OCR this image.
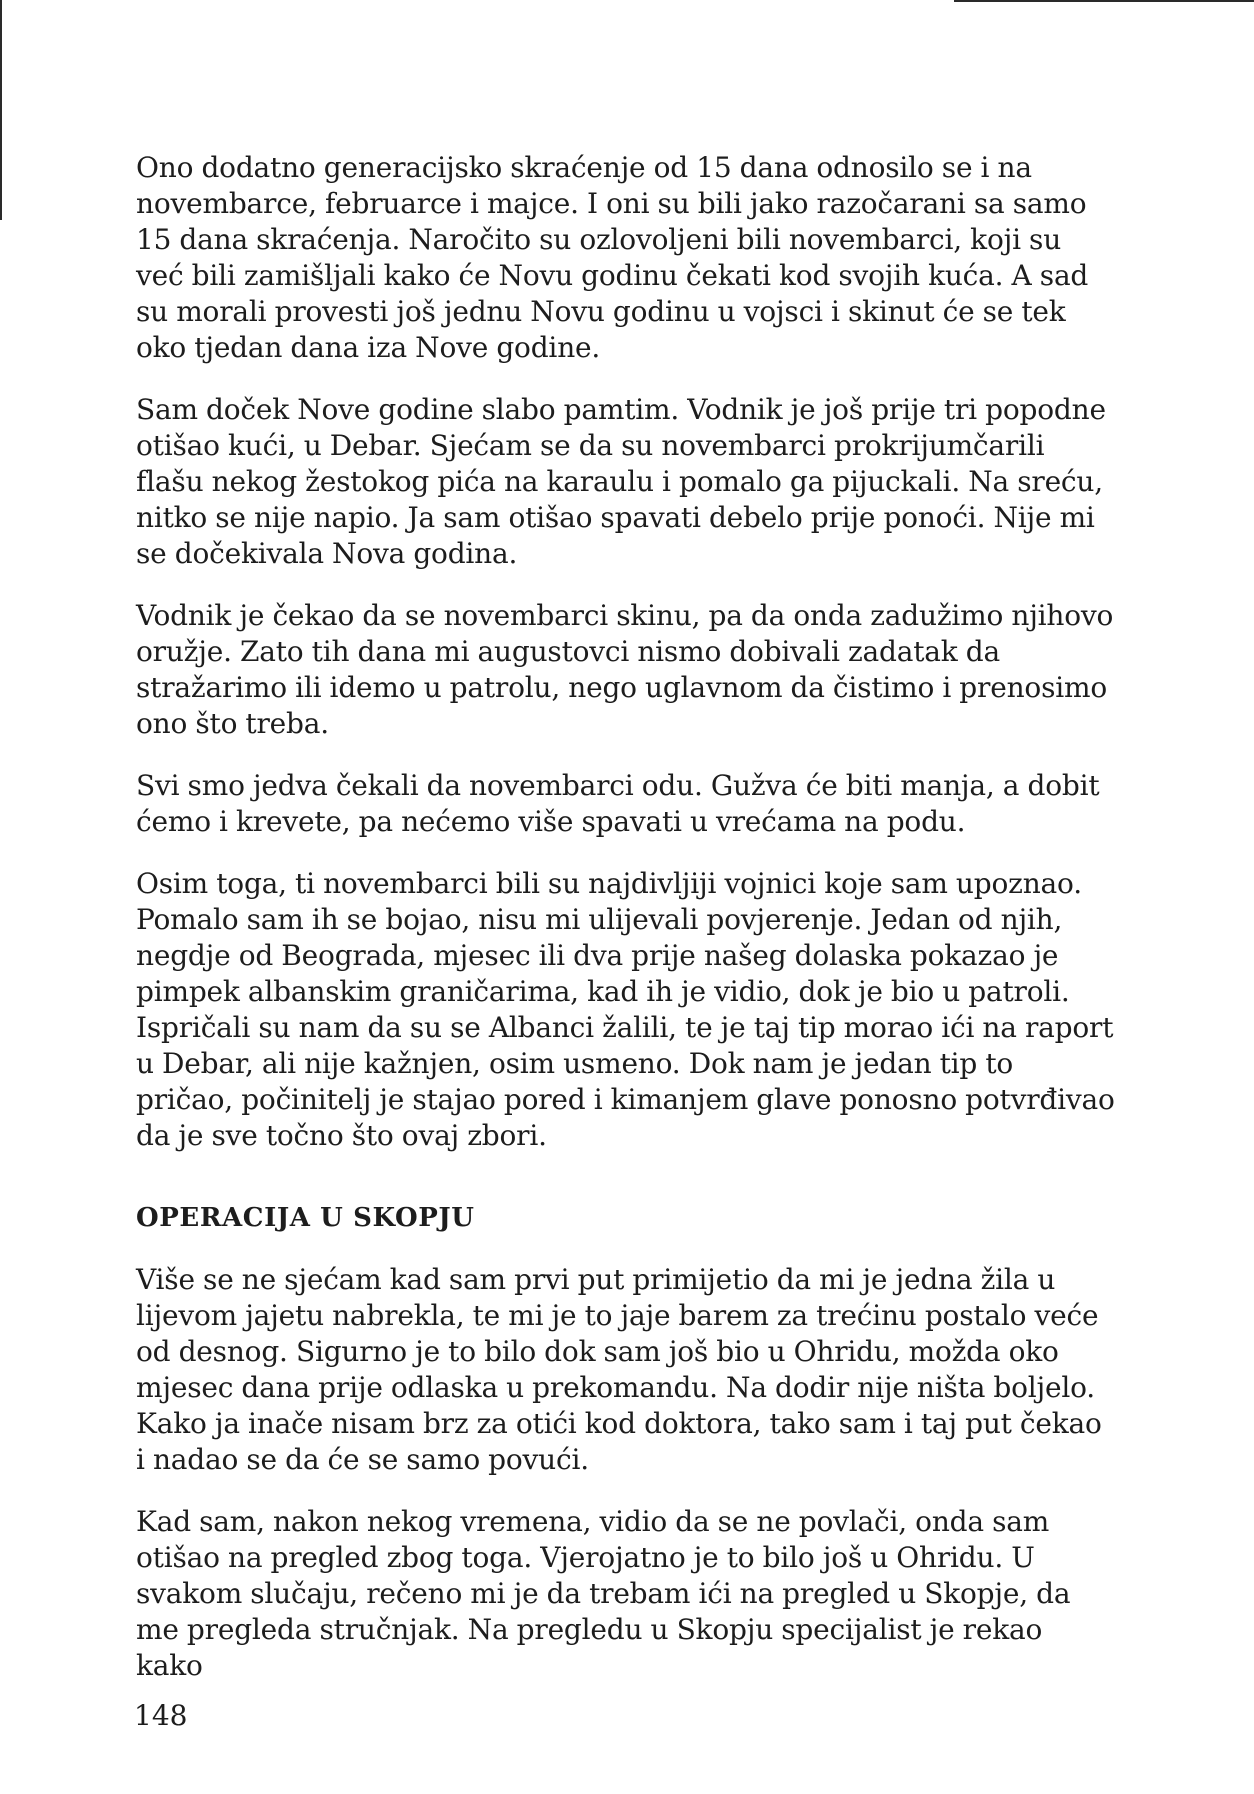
Ono dodatno generacijsko skraćenje od 15 dana odnosilo se i na novembarce, februarce i majce. I oni su bili jako razočarani sa samo 15 dana skraćenja. Naročito su ozlovoljeni bili novembarci, koji su već bili zamišljali kako će Novu godinu čekati kod svojih kuća. A sad su morali provesti još jednu Novu godinu u vojsci i skinut će se tek oko tjedan dana iza Nove godine.

Sam doček Nove godine slabo pamtim. Vodnik je još prije tri popodne otišao kući, u Debar. Sjećam se da su novembarci prokrijumčarili flašu nekog žestokog pića na karaulu i pomalo ga pijuckali. Na sreću, nitko se nije napio. Ja sam otišao spavati debelo prije ponoći. Nije mi se dočekivala Nova godina.

Vodnik je čekao da se novembarci skinu, pa da onda zadužimo njihovo oružje. Zato tih dana mi augustovci nismo dobivali zadatak da stražarimo ili idemo u patrolu, nego uglavnom da čistimo i prenosimo ono što treba.

Svi smo jedva čekali da novembarci odu. Gužva će biti manja, a dobit ćemo i krevete, pa nećemo više spavati u vrećama na podu.

Osim toga, ti novembarci bili su najdivljiji vojnici koje sam upoznao. Pomalo sam ih se bojao, nisu mi ulijevali povjerenje. Jedan od njih, negdje od Beograda, mjesec ili dva prije našeg dolaska pokazao je pimpek albanskim graničarima, kad ih je vidio, dok je bio u patroli. Ispričali su nam da su se Albanci žalili, te je taj tip morao ići na raport u Debar, ali nije kažnjen, osim usmeno. Dok nam je jedan tip to pričao, počinitelj je stajao pored i kimanjem glave ponosno potvrđivao da je sve točno što ovaj zbori.

OPERACIJA U SKOPJU

Više se ne sjećam kad sam prvi put primijetio da mi je jedna žila u lijevom jajetu nabrekla, te mi je to jaje barem za trećinu postalo veće od desnog. Sigurno je to bilo dok sam još bio u Ohridu, možda oko mjesec dana prije odlaska u prekomandu. Na dodir nije ništa boljelo. Kako ja inače nisam brz za otići kod doktora, tako sam i taj put čekao i nadao se da će se samo povući.

Kad sam, nakon nekog vremena, vidio da se ne povlači, onda sam otišao na pregled zbog toga. Vjerojatno je to bilo još u Ohridu. U svakom slučaju, rečeno mi je da trebam ići na pregled u Skopje, da me pregleda stručnjak. Na pregledu u Skopju specijalist je rekao kako

148
